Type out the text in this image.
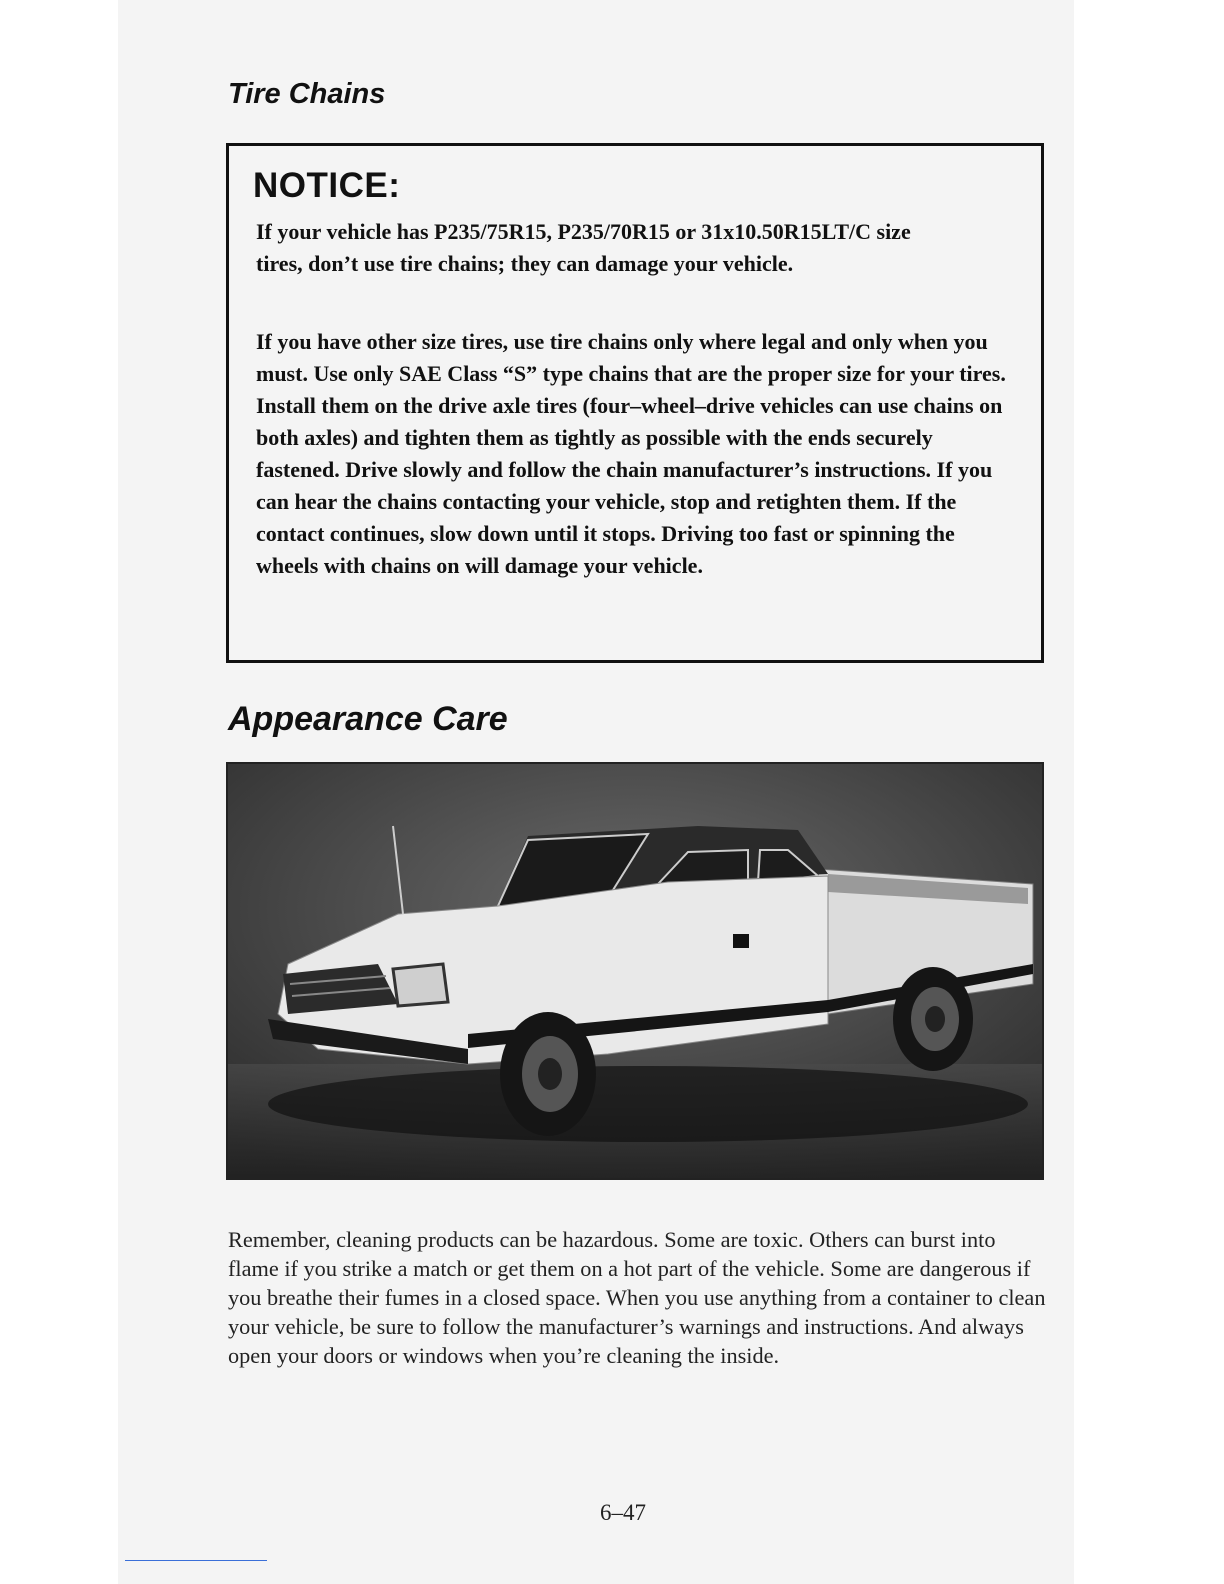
Tire Chains
NOTICE:

If your vehicle has P235/75R15, P235/70R15 or 31x10.50R15LT/C size tires, don’t use tire chains; they can damage your vehicle.

If you have other size tires, use tire chains only where legal and only when you must. Use only SAE Class “S” type chains that are the proper size for your tires. Install them on the drive axle tires (four–wheel–drive vehicles can use chains on both axles) and tighten them as tightly as possible with the ends securely fastened. Drive slowly and follow the chain manufacturer’s instructions. If you can hear the chains contacting your vehicle, stop and retighten them. If the contact continues, slow down until it stops. Driving too fast or spinning the wheels with chains on will damage your vehicle.

Appearance Care

Remember, cleaning products can be hazardous. Some are toxic. Others can burst into flame if you strike a match or get them on a hot part of the vehicle. Some are dangerous if you breathe their fumes in a closed space. When you use anything from a container to clean your vehicle, be sure to follow the manufacturer’s warnings and instructions. And always open your doors or windows when you’re cleaning the inside.

6–47
